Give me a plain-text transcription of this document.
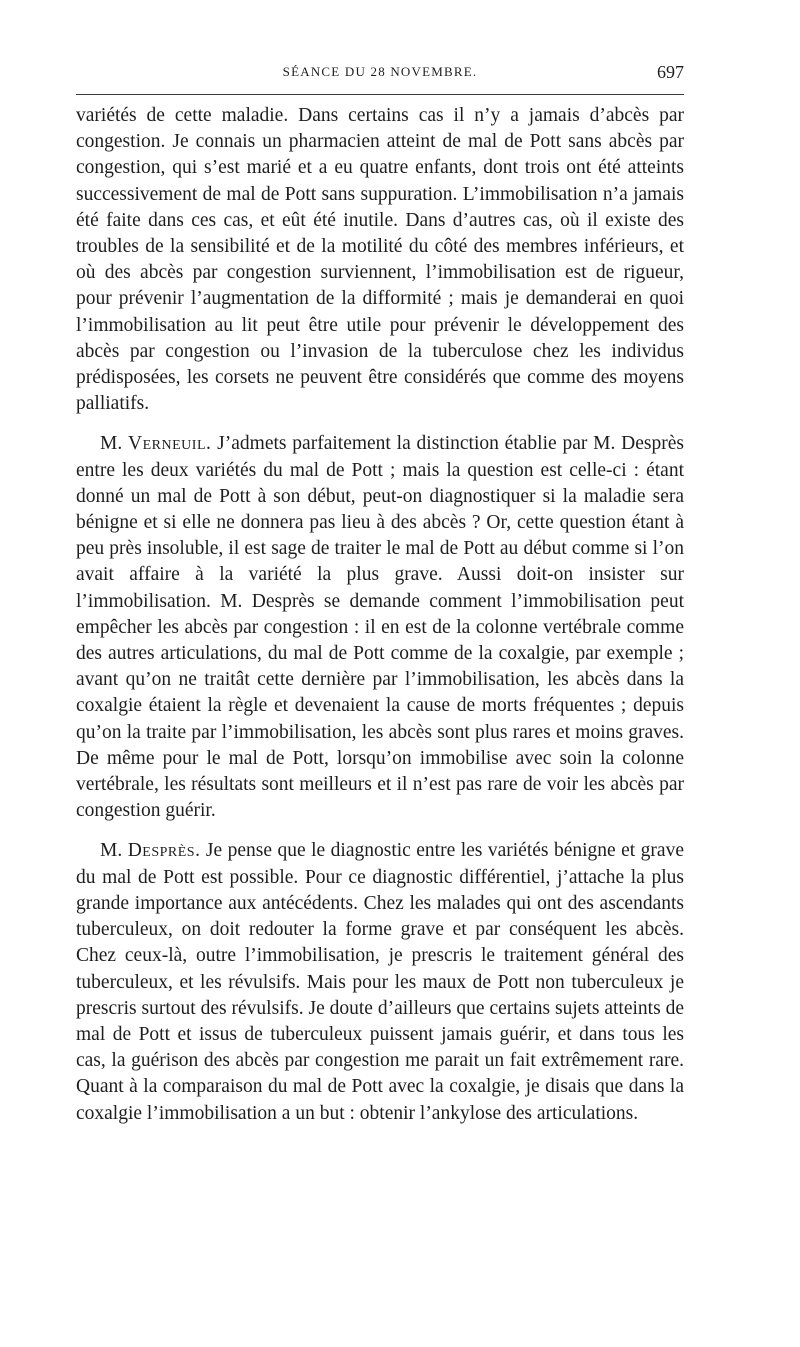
SÉANCE DU 28 NOVEMBRE.	697

variétés de cette maladie. Dans certains cas il n’y a jamais d’abcès par congestion. Je connais un pharmacien atteint de mal de Pott sans abcès par congestion, qui s’est marié et a eu quatre enfants, dont trois ont été atteints successivement de mal de Pott sans suppuration. L’immobilisation n’a jamais été faite dans ces cas, et eût été inutile. Dans d’autres cas, où il existe des troubles de la sensibilité et de la motilité du côté des membres inférieurs, et où des abcès par congestion surviennent, l’immobilisation est de rigueur, pour prévenir l’augmentation de la difformité ; mais je demanderai en quoi l’immobilisation au lit peut être utile pour prévenir le développement des abcès par congestion ou l’invasion de la tuberculose chez les individus prédisposées, les corsets ne peuvent être considérés que comme des moyens palliatifs.

M. Verneuil. J’admets parfaitement la distinction établie par M. Desprès entre les deux variétés du mal de Pott ; mais la question est celle-ci : étant donné un mal de Pott à son début, peut-on diagnostiquer si la maladie sera bénigne et si elle ne donnera pas lieu à des abcès ? Or, cette question étant à peu près insoluble, il est sage de traiter le mal de Pott au début comme si l’on avait affaire à la variété la plus grave. Aussi doit-on insister sur l’immobilisation. M. Desprès se demande comment l’immobilisation peut empêcher les abcès par congestion : il en est de la colonne vertébrale comme des autres articulations, du mal de Pott comme de la coxalgie, par exemple ; avant qu’on ne traitât cette dernière par l’immobilisation, les abcès dans la coxalgie étaient la règle et devenaient la cause de morts fréquentes ; depuis qu’on la traite par l’immobilisation, les abcès sont plus rares et moins graves. De même pour le mal de Pott, lorsqu’on immobilise avec soin la colonne vertébrale, les résultats sont meilleurs et il n’est pas rare de voir les abcès par congestion guérir.

M. Desprès. Je pense que le diagnostic entre les variétés bénigne et grave du mal de Pott est possible. Pour ce diagnostic différentiel, j’attache la plus grande importance aux antécédents. Chez les malades qui ont des ascendants tuberculeux, on doit redouter la forme grave et par conséquent les abcès. Chez ceux-là, outre l’immobilisation, je prescris le traitement général des tuberculeux, et les révulsifs. Mais pour les maux de Pott non tuberculeux je prescris surtout des révulsifs. Je doute d’ailleurs que certains sujets atteints de mal de Pott et issus de tuberculeux puissent jamais guérir, et dans tous les cas, la guérison des abcès par congestion me parait un fait extrêmement rare. Quant à la comparaison du mal de Pott avec la coxalgie, je disais que dans la coxalgie l’immobilisation a un but : obtenir l’ankylose des articulations.
